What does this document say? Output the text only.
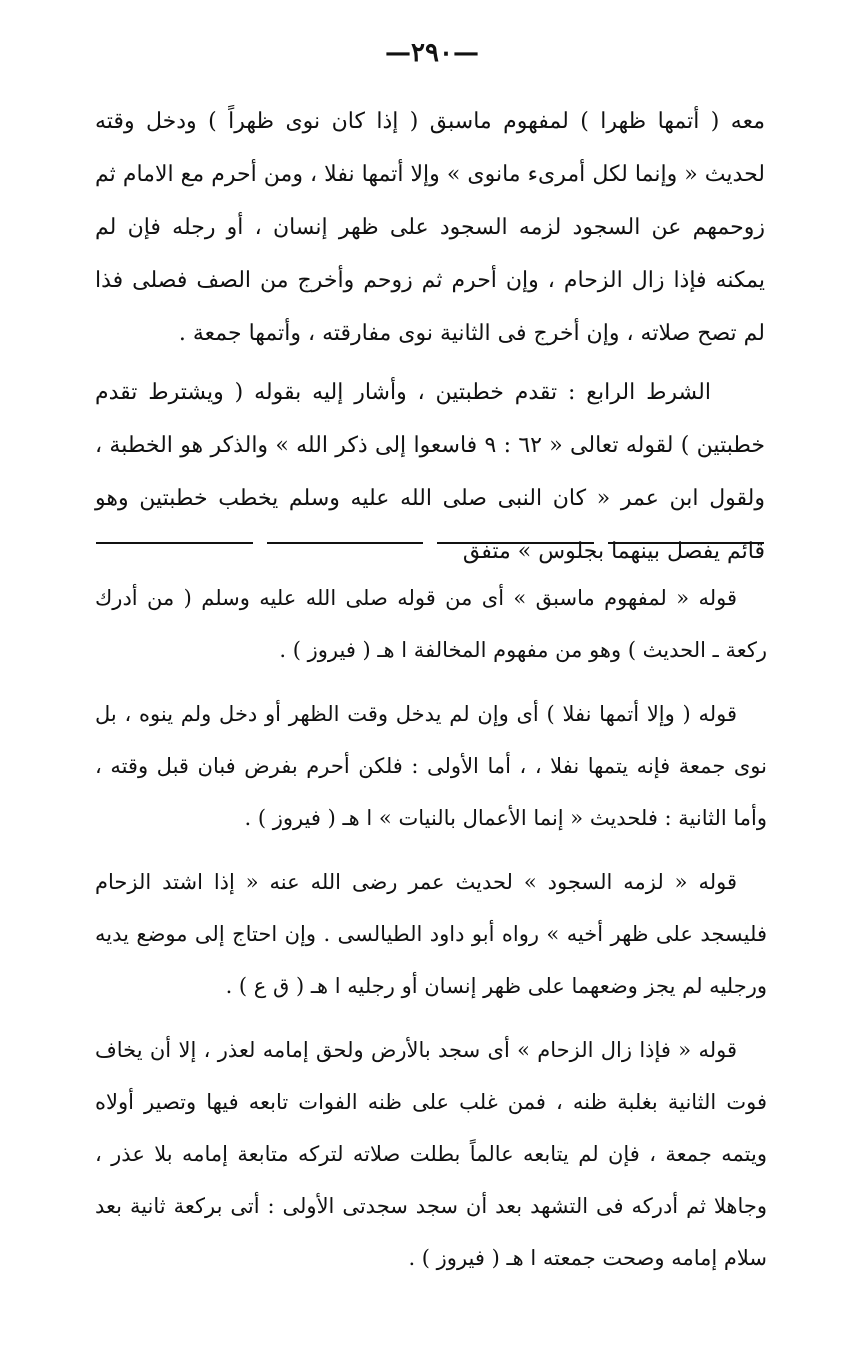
—٢٩٠—

معه ( أتمها ظهرا ) لمفهوم ماسبق ( إذا كان نوى ظهراً ) ودخل وقته لحديث « وإنما لكل أمرىء مانوى » وإلا أتمها نفلا ، ومن أحرم مع الامام ثم زوحمهم عن السجود لزمه السجود على ظهر إنسان ، أو رجله فإن لم يمكنه فإذا زال الزحام ، وإن أحرم ثم زوحم وأخرج من الصف فصلى فذا لم تصح صلاته ، وإن أخرج فى الثانية نوى مفارقته ، وأتمها جمعة .

الشرط الرابع : تقدم خطبتين ، وأشار إليه بقوله ( ويشترط تقدم خطبتين ) لقوله تعالى « ٦٢ : ٩ فاسعوا إلى ذكر الله » والذكر هو الخطبة ، ولقول ابن عمر « كان النبى صلى الله عليه وسلم يخطب خطبتين وهو قائم يفصل بينهما بجلوس » متفق

قوله « لمفهوم ماسبق » أى من قوله صلى الله عليه وسلم ( من أدرك ركعة ـ الحديث ) وهو من مفهوم المخالفة ا هـ ( فيروز ) .

قوله ( وإلا أتمها نفلا ) أى وإن لم يدخل وقت الظهر أو دخل ولم ينوه ، بل نوى جمعة فإنه يتمها نفلا ، ، أما الأولى : فلكن أحرم بفرض فبان قبل وقته ، وأما الثانية : فلحديث « إنما الأعمال بالنيات » ا هـ ( فيروز ) .

قوله « لزمه السجود » لحديث عمر رضى الله عنه « إذا اشتد الزحام فليسجد على ظهر أخيه » رواه أبو داود الطيالسى . وإن احتاج إلى موضع يديه ورجليه لم يجز وضعهما على ظهر إنسان أو رجليه ا هـ ( ق ع ) .

قوله « فإذا زال الزحام » أى سجد بالأرض ولحق إمامه لعذر ، إلا أن يخاف فوت الثانية بغلبة ظنه ، فمن غلب على ظنه الفوات تابعه فيها وتصير أولاه ويتمه جمعة ، فإن لم يتابعه عالماً بطلت صلاته لتركه متابعة إمامه بلا عذر ، وجاهلا ثم أدركه فى التشهد بعد أن سجد سجدتى الأولى : أتى بركعة ثانية بعد سلام إمامه وصحت جمعته ا هـ ( فيروز ) .
